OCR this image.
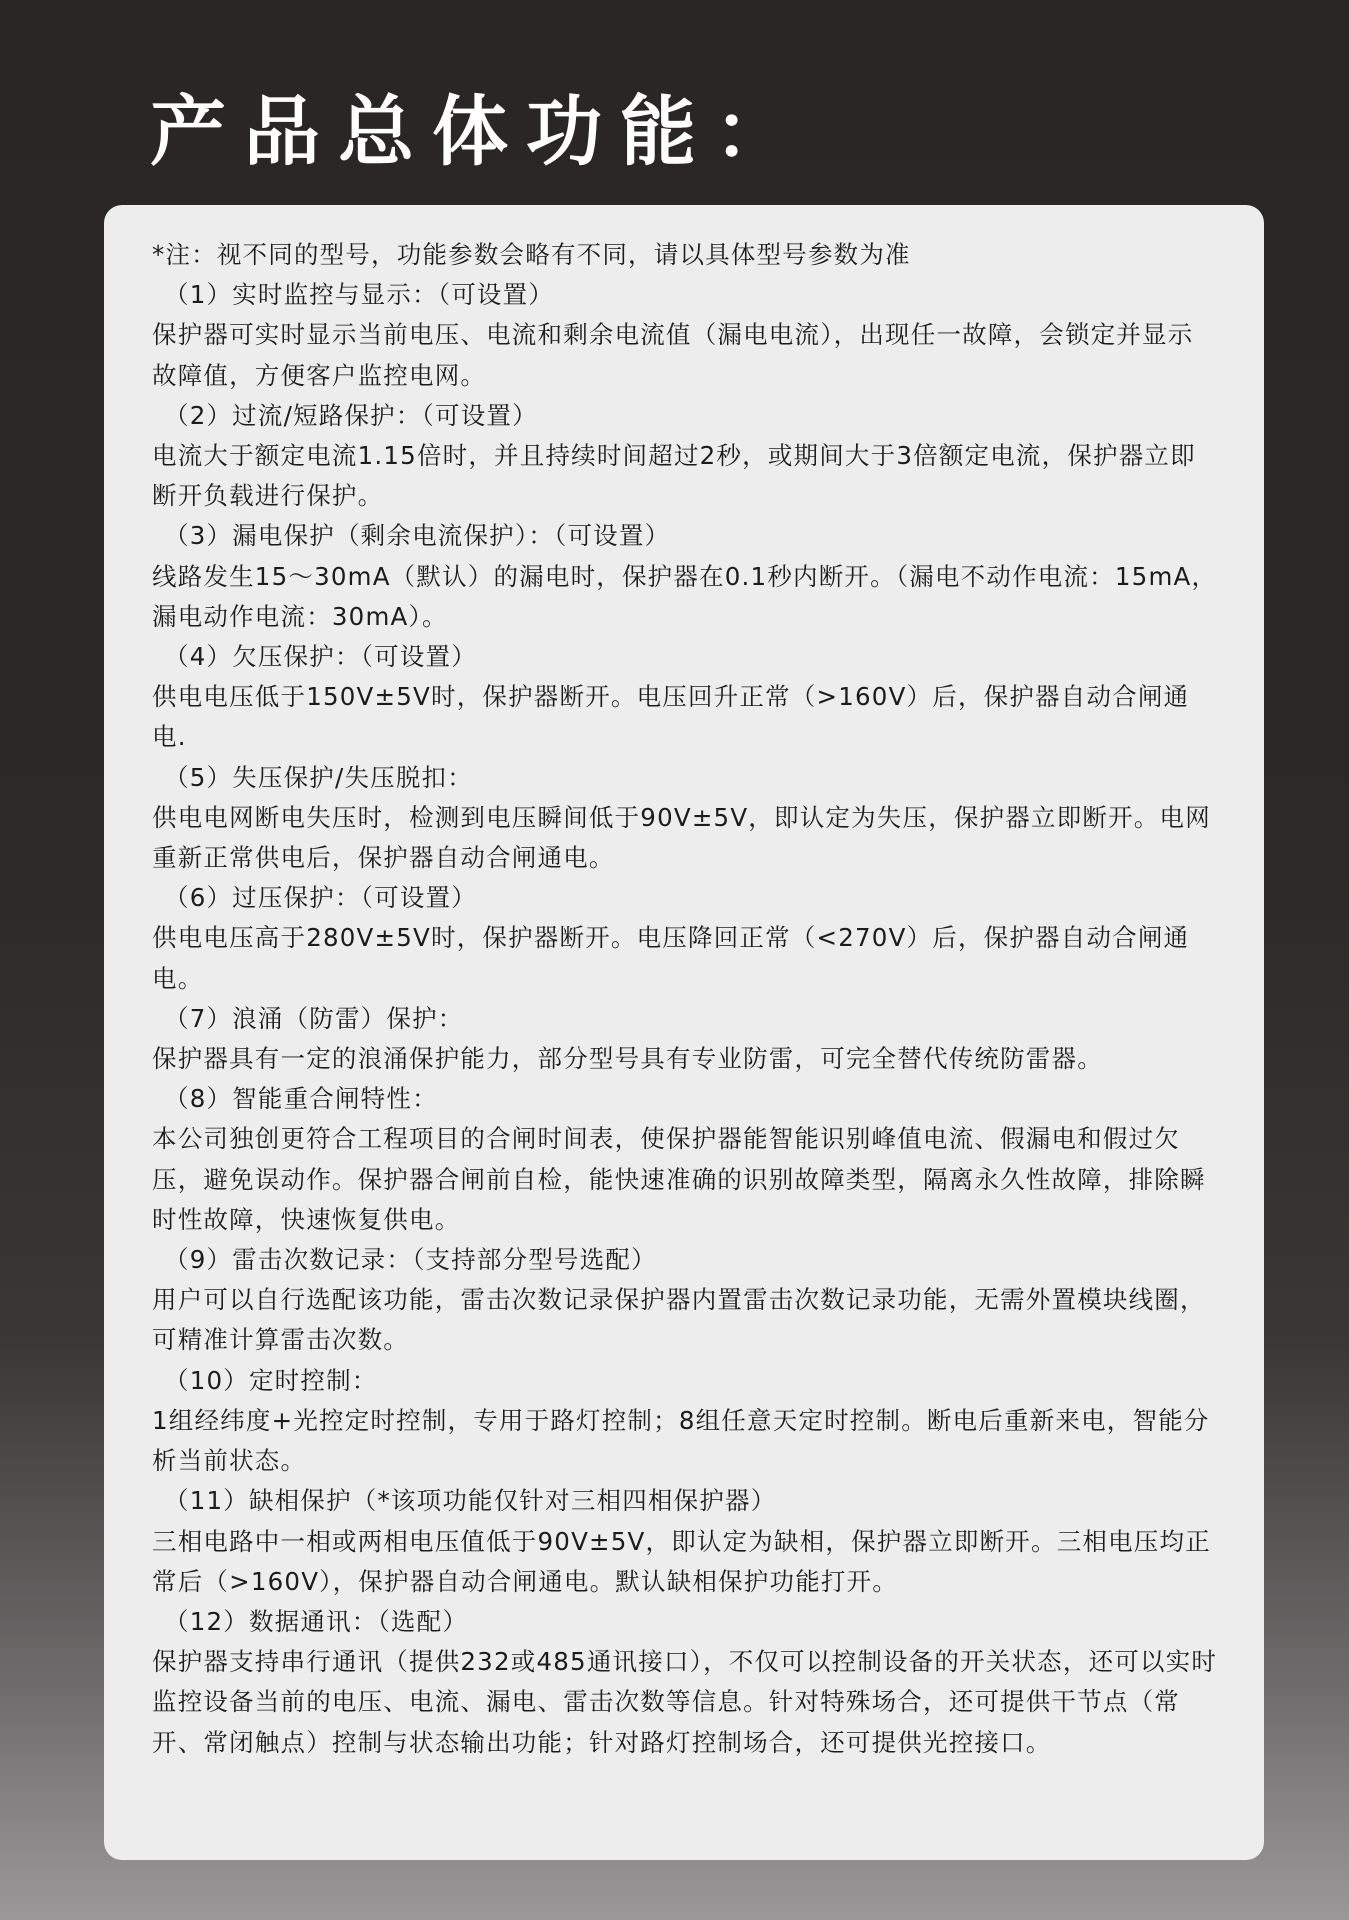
产品总体功能：

*注：视不同的型号，功能参数会略有不同，请以具体型号参数为准

（1）实时监控与显示：（可设置）

保护器可实时显示当前电压、电流和剩余电流值（漏电电流），出现任一故障，会锁定并显示故障值，方便客户监控电网。

（2）过流/短路保护：（可设置）

电流大于额定电流1.15倍时，并且持续时间超过2秒，或期间大于3倍额定电流，保护器立即断开负载进行保护。

（3）漏电保护（剩余电流保护）：（可设置）

线路发生15～30mA（默认）的漏电时，保护器在0.1秒内断开。（漏电不动作电流：15mA，漏电动作电流：30mA）。

（4）欠压保护：（可设置）

供电电压低于150V±5V时，保护器断开。电压回升正常（>160V）后，保护器自动合闸通电.

（5）失压保护/失压脱扣：

供电电网断电失压时，检测到电压瞬间低于90V±5V，即认定为失压，保护器立即断开。电网重新正常供电后，保护器自动合闸通电。

（6）过压保护：（可设置）

供电电压高于280V±5V时，保护器断开。电压降回正常（<270V）后，保护器自动合闸通电。

（7）浪涌（防雷）保护：

保护器具有一定的浪涌保护能力，部分型号具有专业防雷，可完全替代传统防雷器。

（8）智能重合闸特性：

本公司独创更符合工程项目的合闸时间表，使保护器能智能识别峰值电流、假漏电和假过欠压，避免误动作。保护器合闸前自检，能快速准确的识别故障类型，隔离永久性故障，排除瞬时性故障，快速恢复供电。

（9）雷击次数记录：（支持部分型号选配）

用户可以自行选配该功能，雷击次数记录保护器内置雷击次数记录功能，无需外置模块线圈，可精准计算雷击次数。

（10）定时控制：

1组经纬度+光控定时控制，专用于路灯控制；8组任意天定时控制。断电后重新来电，智能分析当前状态。

（11）缺相保护（*该项功能仅针对三相四相保护器）

三相电路中一相或两相电压值低于90V±5V，即认定为缺相，保护器立即断开。三相电压均正常后（>160V），保护器自动合闸通电。默认缺相保护功能打开。

（12）数据通讯：（选配）

保护器支持串行通讯（提供232或485通讯接口），不仅可以控制设备的开关状态，还可以实时监控设备当前的电压、电流、漏电、雷击次数等信息。针对特殊场合，还可提供干节点（常开、常闭触点）控制与状态输出功能；针对路灯控制场合，还可提供光控接口。
